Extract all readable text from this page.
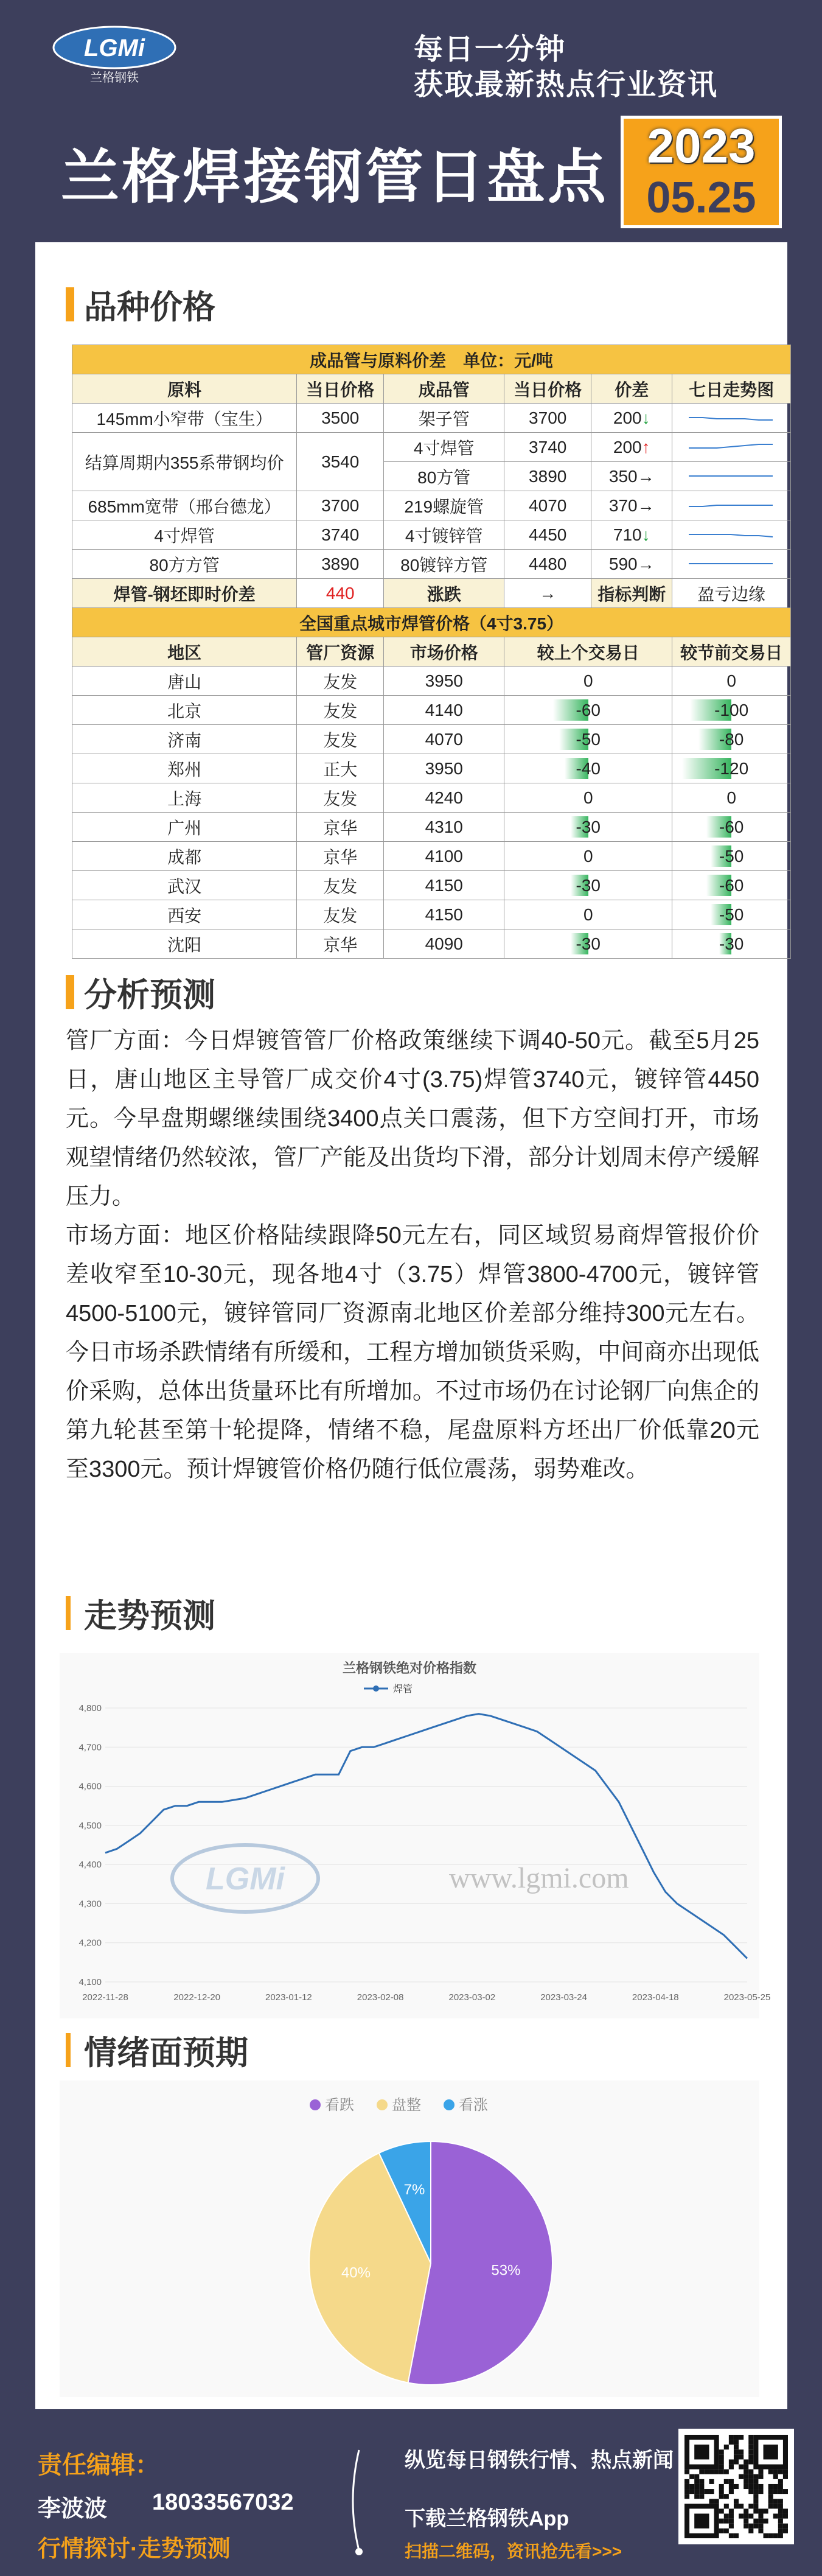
LGMi
兰格钢铁
每日一分钟
获取最新热点行业资讯
兰格焊接钢管日盘点 2023
05.25
品种价格
成品管与原料价差　单位：元/吨					
原料	当日价格	成品管	当日价格	价差	七日走势图
145mm小窄带（宝生）	3500	架子管	3700	200↓	
结算周期内355系带钢均价	3540	4寸焊管	3740	200↑	
		80方管	3890	350→	
685mm宽带（邢台德龙）	3700	219螺旋管	4070	370→	
4寸焊管	3740	4寸镀锌管	4450	710↓	
80方方管	3890	80镀锌方管	4480	590→	
焊管-钢坯即时价差	440	涨跌	→	指标判断	盈亏边缘
全国重点城市焊管价格（4寸3.75）					
地区	管厂资源	市场价格	较上个交易日		较节前交易日
唐山	友发	3950	0		0
北京	友发	4140	-60		-100
济南	友发	4070	-50		-80
郑州	正大	3950	-40		-120
上海	友发	4240	0		0
广州	京华	4310	-30		-60
成都	京华	4100	0		-50
武汉	友发	4150	-30		-60
西安	友发	4150	0		-50
沈阳	京华	4090	-30		-30
分析预测
管厂方面：今日焊镀管管厂价格政策继续下调40-50元。截至5月25日，唐山地区主导管厂成交价4寸(3.75)焊管3740元，镀锌管4450元。今早盘期螺继续围绕3400点关口震荡，但下方空间打开，市场观望情绪仍然较浓，管厂产能及出货均下滑，部分计划周末停产缓解压力。
市场方面：地区价格陆续跟降50元左右，同区域贸易商焊管报价价差收窄至10-30元，现各地4寸（3.75）焊管3800-4700元，镀锌管4500-5100元，镀锌管同厂资源南北地区价差部分维持300元左右。今日市场杀跌情绪有所缓和，工程方增加锁货采购，中间商亦出现低价采购，总体出货量环比有所增加。不过市场仍在讨论钢厂向焦企的第九轮甚至第十轮提降，情绪不稳，尾盘原料方坯出厂价低靠20元至3300元。预计焊镀管价格仍随行低位震荡，弱势难改。
走势预测
兰格钢铁绝对价格指数
焊管
4,100
4,200
4,300
4,400
4,500
4,600
4,700
4,800
2022-11-28	2022-12-20	2023-01-12	2023-02-08	2023-03-02	2023-03-24	2023-04-18	2023-05-25
LGMi	www.lgmi.com
情绪面预期
看跌	盘整	看涨
53%
40%
7%
责任编辑：
李波波 18033567032
行情探讨·走势预测
纵览每日钢铁行情、热点新闻
下载兰格钢铁App
扫描二维码，资讯抢先看>>>
